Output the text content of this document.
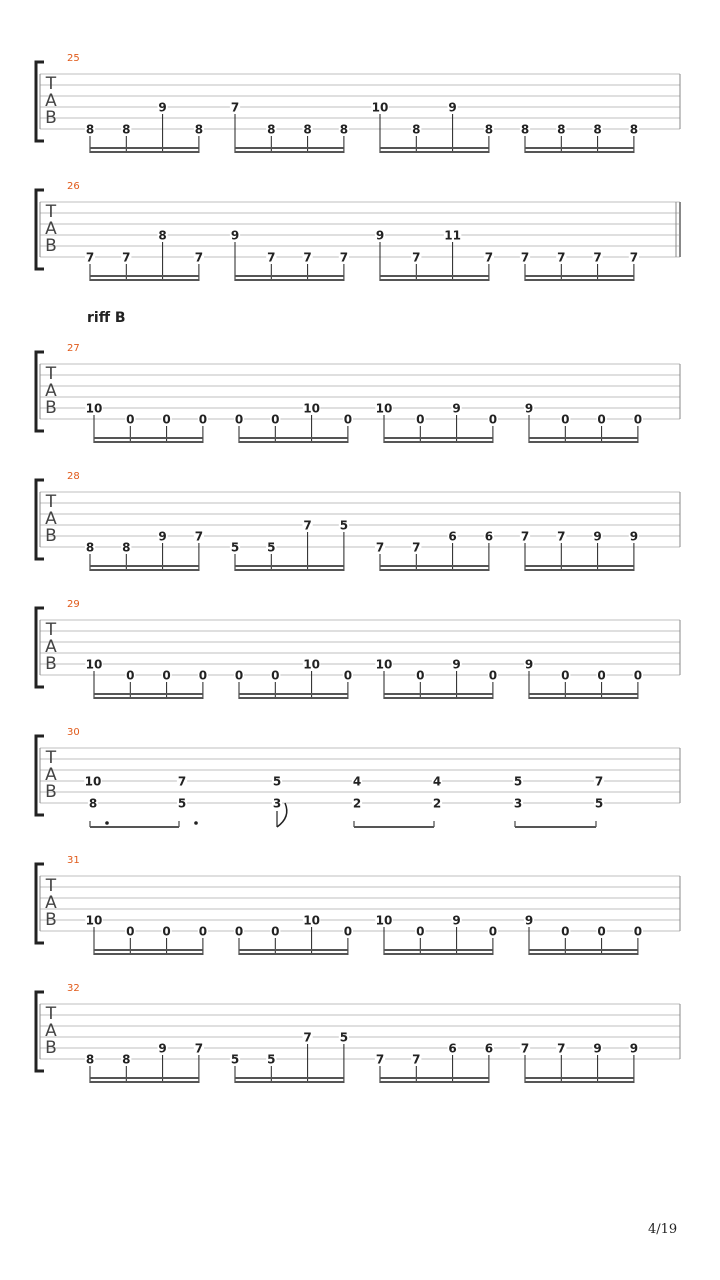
25
T
A
B
8 8
9
8
7
8 8 8
10
8
9
8 8 8 8 8
26
T
A
B
7 7
8
7
9
7 7 7
9
7
11
7 7 7 7 7
27
T
A
B 10
0 0 0 0 0
10
0
10
0
9
0
9
0 0 0
28
T
A
B
8 8
9 7
5 5
7 5
7 7
6 6 7 7 9 9
29
T
A
B 10
0 0 0 0 0
10
0
10
0
9
0
9
0 0 0
30
T
A
B
10
8
7
5
5
3
4
2
4
2
5
3
7
5
31
T
A
B 10
0 0 0 0 0
10
0
10
0
9
0
9
0 0 0
32
T
A
B
8 8
9 7
5 5
7 5
7 7
6 6 7 7 9 9
riff B
4/19
